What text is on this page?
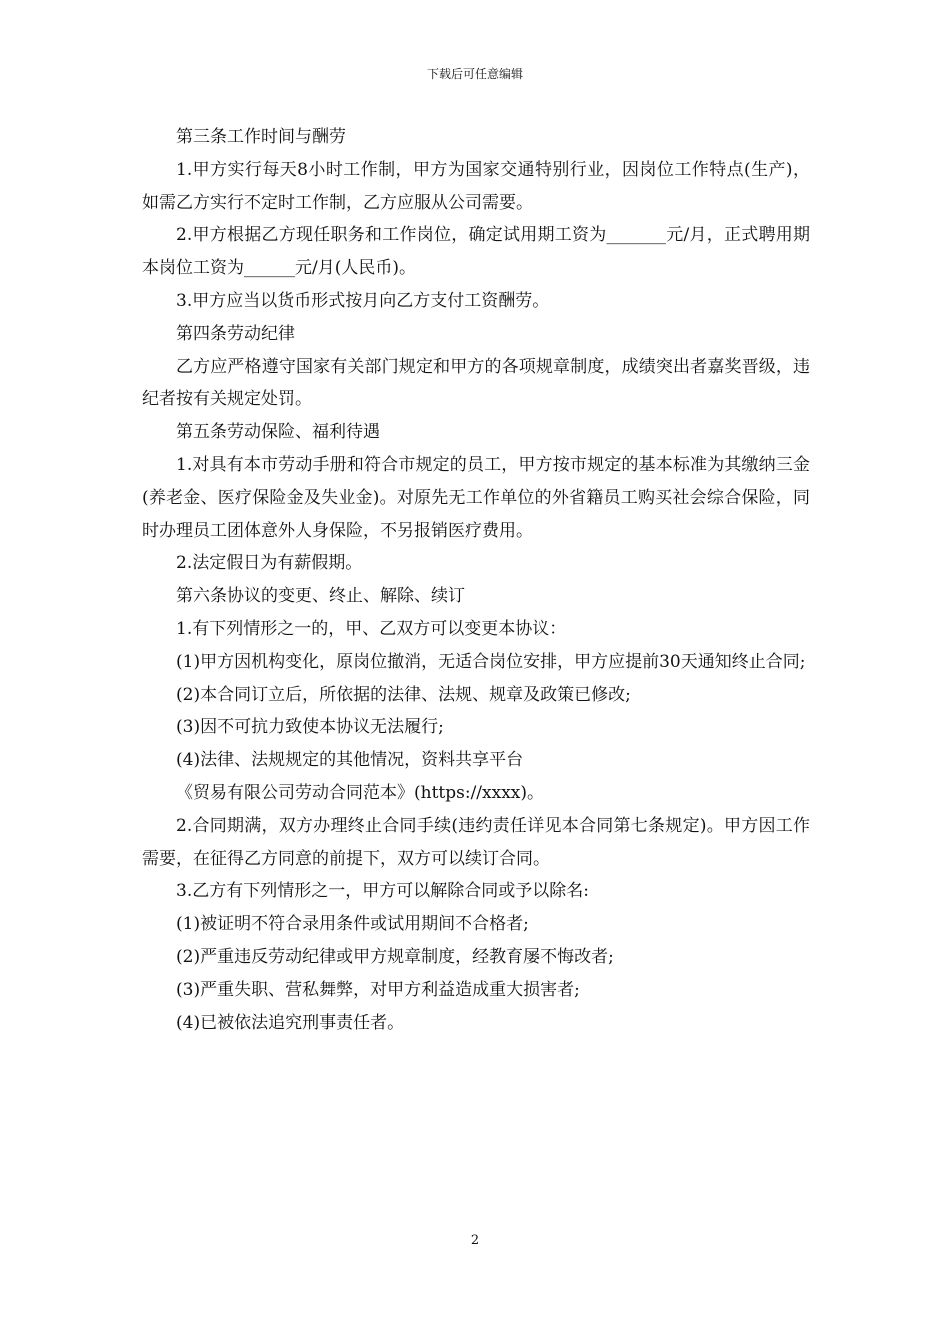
下载后可任意编辑

第三条工作时间与酬劳

1.甲方实行每天8小时工作制，甲方为国家交通特别行业，因岗位工作特点(生产)，如需乙方实行不定时工作制，乙方应服从公司需要。

2.甲方根据乙方现任职务和工作岗位，确定试用期工资为_______元/月，正式聘用期本岗位工资为______元/月(人民币)。

3.甲方应当以货币形式按月向乙方支付工资酬劳。

第四条劳动纪律

乙方应严格遵守国家有关部门规定和甲方的各项规章制度，成绩突出者嘉奖晋级，违纪者按有关规定处罚。

第五条劳动保险、福利待遇

1.对具有本市劳动手册和符合市规定的员工，甲方按市规定的基本标准为其缴纳三金(养老金、医疗保险金及失业金)。对原先无工作单位的外省籍员工购买社会综合保险，同时办理员工团体意外人身保险，不另报销医疗费用。

2.法定假日为有薪假期。

第六条协议的变更、终止、解除、续订

1.有下列情形之一的，甲、乙双方可以变更本协议：

(1)甲方因机构变化，原岗位撤消，无适合岗位安排，甲方应提前30天通知终止合同;

(2)本合同订立后，所依据的法律、法规、规章及政策已修改;

(3)因不可抗力致使本协议无法履行;

(4)法律、法规规定的其他情况，资料共享平台

《贸易有限公司劳动合同范本》(https://xxxx)。

2.合同期满，双方办理终止合同手续(违约责任详见本合同第七条规定)。甲方因工作需要，在征得乙方同意的前提下，双方可以续订合同。

3.乙方有下列情形之一，甲方可以解除合同或予以除名:

(1)被证明不符合录用条件或试用期间不合格者;

(2)严重违反劳动纪律或甲方规章制度，经教育屡不悔改者;

(3)严重失职、营私舞弊，对甲方利益造成重大损害者;

(4)已被依法追究刑事责任者。

2
